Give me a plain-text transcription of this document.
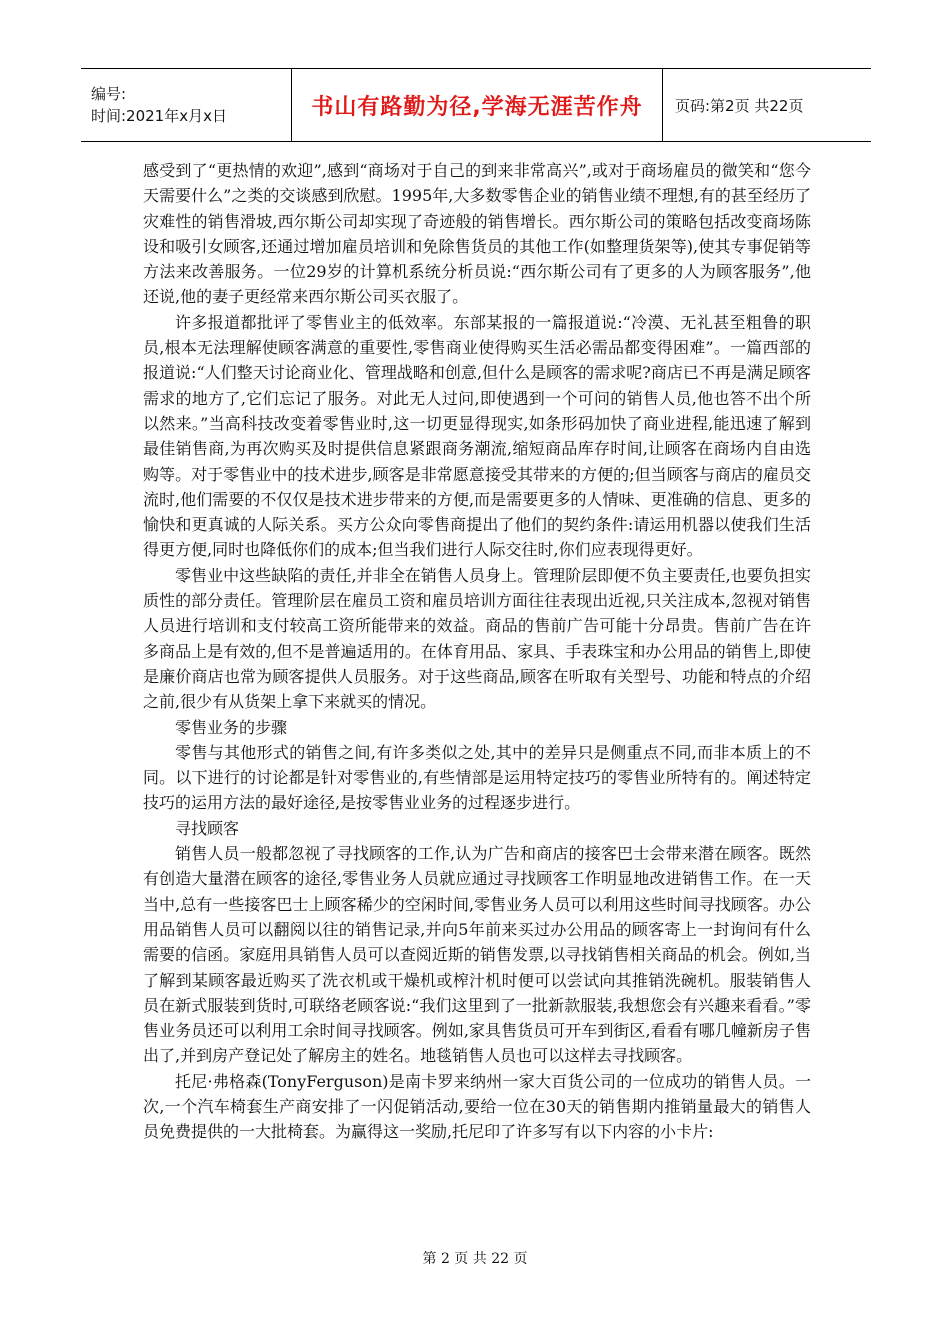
编号:
时间:2021年x月x日	书山有路勤为径,学海无涯苦作舟 页码:第2页 共22页

感受到了“更热情的欢迎”,感到“商场对于自己的到来非常高兴”,或对于商场雇员的微笑和“您今天需要什么”之类的交谈感到欣慰。1995年,大多数零售企业的销售业绩不理想,有的甚至经历了灾难性的销售滑坡,西尔斯公司却实现了奇迹般的销售增长。西尔斯公司的策略包括改变商场陈设和吸引女顾客,还通过增加雇员培训和免除售货员的其他工作(如整理货架等),使其专事促销等方法来改善服务。一位29岁的计算机系统分析员说:“西尔斯公司有了更多的人为顾客服务”,他还说,他的妻子更经常来西尔斯公司买衣服了。

许多报道都批评了零售业主的低效率。东部某报的一篇报道说:“冷漠、无礼甚至粗鲁的职员,根本无法理解使顾客满意的重要性,零售商业使得购买生活必需品都变得困难”。一篇西部的报道说:“人们整天讨论商业化、管理战略和创意,但什么是顾客的需求呢?商店已不再是满足顾客需求的地方了,它们忘记了服务。对此无人过问,即使遇到一个可问的销售人员,他也答不出个所以然来。”当高科技改变着零售业时,这一切更显得现实,如条形码加快了商业进程,能迅速了解到最佳销售商,为再次购买及时提供信息紧跟商务潮流,缩短商品库存时间,让顾客在商场内自由选购等。对于零售业中的技术进步,顾客是非常愿意接受其带来的方便的;但当顾客与商店的雇员交流时,他们需要的不仅仅是技术进步带来的方便,而是需要更多的人情味、更准确的信息、更多的愉快和更真诚的人际关系。买方公众向零售商提出了他们的契约条件:请运用机器以使我们生活得更方便,同时也降低你们的成本;但当我们进行人际交往时,你们应表现得更好。

零售业中这些缺陷的责任,并非全在销售人员身上。管理阶层即便不负主要责任,也要负担实质性的部分责任。管理阶层在雇员工资和雇员培训方面往往表现出近视,只关注成本,忽视对销售人员进行培训和支付较高工资所能带来的效益。商品的售前广告可能十分昂贵。售前广告在许多商品上是有效的,但不是普遍适用的。在体育用品、家具、手表珠宝和办公用品的销售上,即使是廉价商店也常为顾客提供人员服务。对于这些商品,顾客在听取有关型号、功能和特点的介绍之前,很少有从货架上拿下来就买的情况。

零售业务的步骤

零售与其他形式的销售之间,有许多类似之处,其中的差异只是侧重点不同,而非本质上的不同。以下进行的讨论都是针对零售业的,有些情部是运用特定技巧的零售业所特有的。阐述特定技巧的运用方法的最好途径,是按零售业业务的过程逐步进行。

寻找顾客

销售人员一般都忽视了寻找顾客的工作,认为广告和商店的接客巴士会带来潜在顾客。既然有创造大量潜在顾客的途径,零售业务人员就应通过寻找顾客工作明显地改进销售工作。在一天当中,总有一些接客巴士上顾客稀少的空闲时间,零售业务人员可以利用这些时间寻找顾客。办公用品销售人员可以翻阅以往的销售记录,并向5年前来买过办公用品的顾客寄上一封询问有什么需要的信函。家庭用具销售人员可以查阅近斯的销售发票,以寻找销售相关商品的机会。例如,当了解到某顾客最近购买了洗衣机或干燥机或榨汁机时便可以尝试向其推销洗碗机。服装销售人员在新式服装到货时,可联络老顾客说:“我们这里到了一批新款服装,我想您会有兴趣来看看。”零售业务员还可以利用工余时间寻找顾客。例如,家具售货员可开车到街区,看看有哪几幢新房子售出了,并到房产登记处了解房主的姓名。地毯销售人员也可以这样去寻找顾客。

托尼·弗格森(TonyFerguson)是南卡罗来纳州一家大百货公司的一位成功的销售人员。一次,一个汽车椅套生产商安排了一闪促销活动,要给一位在30天的销售期内推销量最大的销售人员免费提供的一大批椅套。为赢得这一奖励,托尼印了许多写有以下内容的小卡片:

第 2 页 共 22 页
